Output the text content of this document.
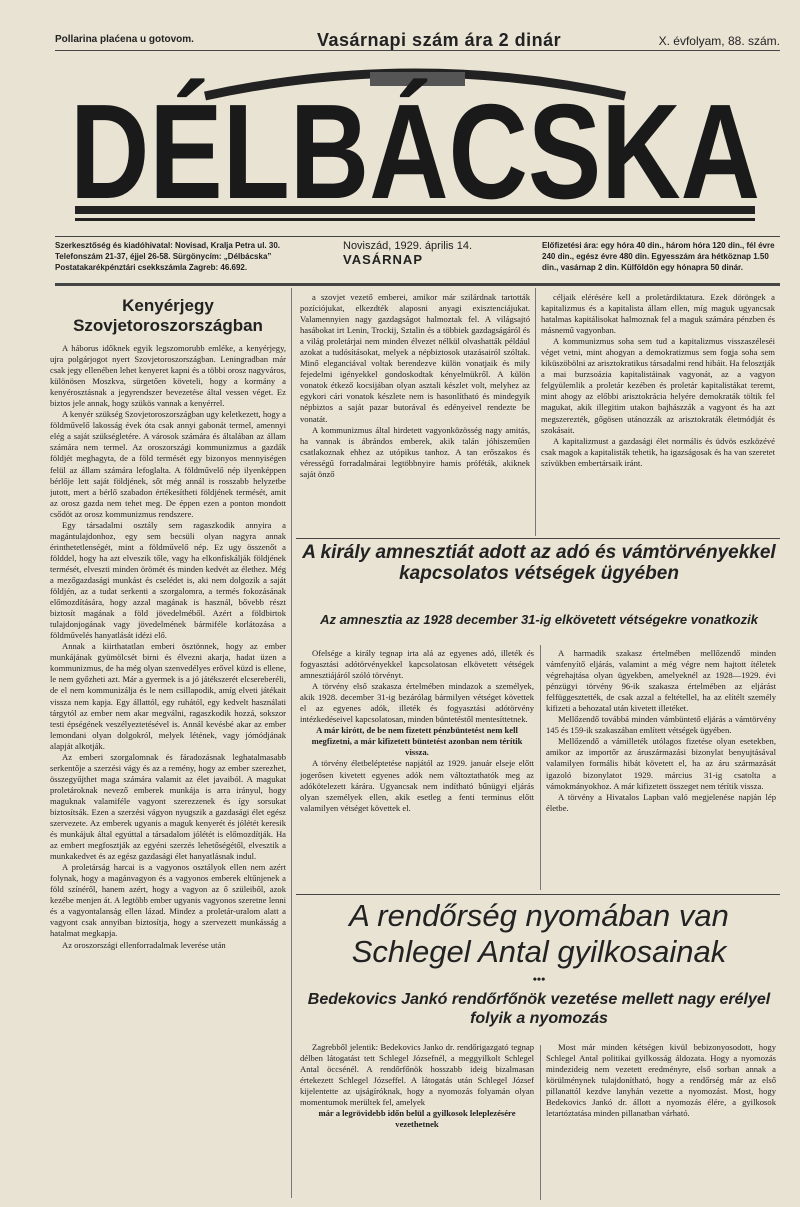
Pollarina plaćena u gotovom.	Vasárnapi szám ára 2 dinár	X. évfolyam, 88. szám.
DÉLBÁCSKA
Szerkesztőség és kiadóhivatal: Novisad, Kralja Petra ul. 30. Telefonszám 21-37, éjjel 26-58. Sürgönycím: „Délbácska” Postatakarékpénztári csekkszámla Zagreb: 46.692.
Noviszád, 1929. április 14.
VASÁRNAP
Előfizetési ára: egy hóra 40 din., három hóra 120 din., fél évre 240 din., egész évre 480 din. Egyesszám ára hétköznap 1.50 din., vasárnap 2 din. Külföldön egy hónapra 50 dinár.
Kenyérjegy Szovjetoroszországban

A háborus időknek egyik legszomorubb emléke, a kenyérjegy, ujra polgárjogot nyert Szovjetoroszországban. Leningradban már csak jegy ellenében lehet kenyeret kapni és a többi orosz nagyváros, különösen Moszkva, sürgetően követeli, hogy a kormány a kenyérosztásnak a jegyrendszer bevezetése által vessen véget. Ez biztos jele annak, hogy szükös vannak a kenyérrel.

A kenyér szükség Szovjetoroszországban ugy keletkezett, hogy a földművelő lakosság évek óta csak annyi gabonát termel, amennyi elég a saját szükségletére. A városok számára és általában az állam számára nem termel. Az oroszországi kommunizmus a gazdák földjét meghagyta, de a föld termését egy bizonyos mennyiségen felül az állam számára lefoglalta. A földművelő nép ilyenképpen bérlője lett saját földjének, sőt még annál is rosszabb helyzetbe jutott, mert a bérlő szabadon értékesítheti földjének termését, amit az orosz gazda nem tehet meg. De éppen ezen a ponton mondott csődöt az orosz kommunizmus rendszere.

Egy társadalmi osztály sem ragaszkodik annyira a magántulajdonhoz, egy sem becsüli olyan nagyra annak érinthetetlenségét, mint a földművelő nép. Ez ugy összenőt a földdel, hogy ha azt elveszik tőle, vagy ha elkonfiskálják földjének termését, elveszti minden örömét és minden kedvét az élethez. Még a mezőgazdasági munkást és cselédet is, aki nem dolgozik a saját földjén, az a tudat serkenti a szorgalomra, a termés fokozásának előmozdítására, hogy azzal magának is használ, bővebb részt biztosít magának a föld jövedelméből. Azért a földbirtok tulajdonjogának vagy jövedelmének bármiféle korlátozása a földművelés hanyatlását idézi elő.

Annak a kiirthatatlan emberi ösztönnek, hogy az ember munkájának gyümölcsét birni és élvezni akarja, hadat üzen a kommunizmus, de ha még olyan szenvedélyes erővel küzd is ellene, le nem győzheti azt. Már a gyermek is a jó játékszerét elcsereberéli, de el nem kommunizálja és le nem csillapodik, amíg elveti játékait vissza nem kapja. Egy állattól, egy ruhától, egy kedvelt használati tárgytól az ember nem akar megválni, ragaszkodik hozzá, sokszor testi épségének veszélyeztetésével is. Annál kevésbé akar az ember lemondani olyan dolgokról, melyek létének, vagy jómódjának alapját alkotják.

Az emberi szorgalomnak és fáradozásnak leghatalmasabb serkentője a szerzési vágy és az a remény, hogy az ember szerezhet, összegyűjthet maga számára valamit az élet javaiból. A magukat proletároknak nevező emberek munkája is arra irányul, hogy maguknak valamiféle vagyont szerezzenek és így sorsukat biztosítsák. Ezen a szerzési vágyon nyugszik a gazdasági élet egész szervezete. Az emberek ugyanis a maguk kenyerét és jólétét keresik és munkájuk által egyúttal a társadalom jólétét is előmozdítják. Ha az embert megfosztják az egyéni szerzés lehetőségétől, elvesztik a munkakedvet és az egész gazdasági élet hanyatlásnak indul.

A proletárság harcai is a vagyonos osztályok ellen nem azért folynak, hogy a magánvagyon és a vagyonos emberek eltűnjenek a föld színéről, hanem azért, hogy a vagyon az ő szüleiből, azok kezébe menjen át. A legtöbb ember ugyanis vagyonos szeretne lenni és a vagyontalanság ellen lázad. Mindez a proletár-uralom alatt a vagyont csak annyiban biztosítja, hogy a szervezett munkásság a hatalmat megkapja.

Az oroszországi ellenforradalmak leverése után

a szovjet vezető emberei, amikor már szilárdnak tartották pozíciójukat, elkezdték alaposni anyagi exisztenciájukat. Valamennyien nagy gazdagságot halmoztak fel. A világsajtó hasábokat irt Lenin, Trockij, Sztalin és a többiek gazdagságáról és a világ proletárjai nem minden élvezet nélkül olvashatták például azokat a tudósításokat, melyek a népbiztosok utazásairól szóltak. Minő eleganciával voltak berendezve külön vonatjaik és mily fejedelmi igényekkel gondoskodtak kényelmükről. A külön vonatok étkező kocsijában olyan asztali készlet volt, melyhez az egykori cári vonatok készlete nem is hasonlítható és mindegyik népbiztos a saját pazar butorával és edényeivel rendezte be vonatát.

A kommunizmus által hirdetett vagyonközösség nagy amitás, ha vannak is ábrándos emberek, akik talán jóhiszeműen csatlakoznak ehhez az utópikus tanhoz. A tan erőszakos és vérességű forradalmárai legtöbbnyire hamis próféták, akiknek saját önző

céljaik elérésére kell a proletárdiktatura. Ezek döröngek a kapitalizmus és a kapitalista állam ellen, míg maguk ugyancsak hatalmas kapitálisokat halmoznak fel a maguk számára pénzben és másnemű vagyonban.

A kommunizmus soha sem tud a kapitalizmus visszaszéleséi véget vetni, mint ahogyan a demokratizmus sem fogja soha sem kiküszöbölni az arisztokratikus társadalmi rend hibáit. Ha felosztják a mai burzsoázia kapitalistáinak vagyonát, az a vagyon felgyülemlik a proletár kezében és proletár kapitalistákat teremt, mint ahogy az előbbi arisztokrácia helyére demokraták töltik fel magukat, akik illegitim utakon bajhászzák a vagyont és ha azt megszerezték, gőgösen utánozzák az arisztokraták életmódját és szokásait.

A kapitalizmust a gazdasági élet normális és üdvös eszközévé csak magok a kapitalisták tehetik, ha igazságosak és ha van szeretet szívükben embertársaik iránt.

A király amnesztiát adott az adó és vámtörvényekkel kapcsolatos vétségek ügyében
Az amnesztia az 1928 december 31-ig elkövetett vétségekre vonatkozik

Ofelsége a király tegnap irta alá az egyenes adó, illeték és fogyasztási adótörvényekkel kapcsolatosan elkövetett vétségek amnesztiájáról szóló törvényt.

A törvény első szakasza értelmében mindazok a személyek, akik 1928. december 31-ig bezárólag bármilyen vétséget követtek el az egyenes adók, illeték és fogyasztási adótörvény intézkedéseivel kapcsolatosan, minden büntetéstől mentesíttetnek.

A már kirótt, de be nem fizetett pénzbüntetést nem kell megfizetni, a már kifizetett büntetést azonban nem térítik vissza.

A törvény életbeléptetése napjától az 1929. január elseje előtt jogerősen kivetett egyenes adók nem változtathatók meg az adókötelezett kárára. Ugyancsak nem indítható bűnügyi eljárás olyan személyek ellen, akik esetleg a fenti terminus előtt valamilyen vétséget követtek el.

A harmadik szakasz értelmében mellőzendő minden vámfenyítő eljárás, valamint a még végre nem hajtott ítéletek végrehajtása olyan ügyekben, amelyeknél az 1928—1929. évi pénzügyi törvény 96-ik szakasza értelmében az eljárást felfüggesztették, de csak azzal a feltétellel, ha az elítélt személy kifizeti a behozatal után kivetett illetéket.

Mellőzendő továbbá minden vámbüntető eljárás a vámtörvény 145 és 159-ik szakaszában említett vétségek ügyében.

Mellőzendő a vámilleték utólagos fizetése olyan esetekben, amikor az importőr az áruszármazási bizonylat benyujtásával valamilyen formális hibát követett el, ha az áru származását igazoló bizonylatot 1929. március 31-ig csatolta a vámokmányokhoz. A már kifizetett összeget nem térítik vissza.

A törvény a Hivatalos Lapban való megjelenése napján lép életbe.

A rendőrség nyomában van Schlegel Antal gyilkosainak
•••
Bedekovics Jankó rendőrfőnök vezetése mellett nagy erélyel folyik a nyomozás

Zagrebből jelentik: Bedekovics Janko dr. rendőrigazgató tegnap délben látogatást tett Schlegel Józsefnél, a meggyilkolt Schlegel Antal öccsénél. A rendőrfőnök hosszabb ideig bizalmasan értekezett Schlegel Józseffel. A látogatás után Schlegel József kijelentette az ujságíróknak, hogy a nyomozás folyamán olyan momentumok merültek fel, amelyek

már a legrövidebb időn belül a gyilkosok leleplezésére vezethetnek

Most már minden kétségen kivül bebizonyosodott, hogy Schlegel Antal politikai gyilkosság áldozata. Hogy a nyomozás mindezideig nem vezetett eredményre, első sorban annak a körülménynek tulajdonítható, hogy a rendőrség már az első pillanattól kezdve lanyhán vezette a nyomozást. Most, hogy Bedekovics Jankó dr. állott a nyomozás élére, a gyilkosok letartóztatása minden pillanatban várható.
